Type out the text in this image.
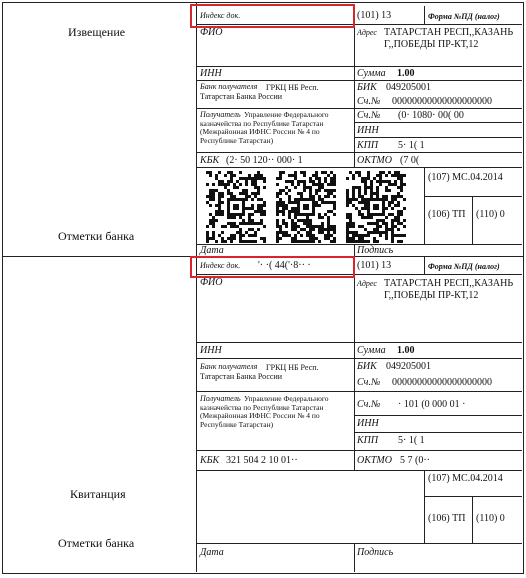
Извещение
Отметки банка
Индекс док.	(101) 13	Форма №ПД (налог)
ФИО	Адрес ТАТАРСТАН РЕСП,,КАЗАНЬ Г,,ПОБЕДЫ ПР-КТ,12
ИНН	Сумма 1.00
Банк получателя	ГРКЦ НБ Респ. Татарстан Банка России
БИК 049205001
Сч.№ 00000000000000000000
Получатель Управление Федерального казначейства по Республике Татарстан (Межрайонная ИФНС России № 4 по Республике Татарстан)
Сч.№ (0· 1080· 00( 00
ИНН
КПП 5· 1( 1
КБК (2· 50 120·· 000· 1	ОКТМО (7 0(
(107) МС.04.2014
(106) ТП (110) 0
Дата	Подпись
Квитанция
Отметки банка
Индекс док. '· ·( 44('·8·· ·	(101) 13	Форма №ПД (налог)
ФИО	Адрес ТАТАРСТАН РЕСП,,КАЗАНЬ Г,,ПОБЕДЫ ПР-КТ,12
ИНН	Сумма 1.00
Банк получателя	ГРКЦ НБ Респ. Татарстан Банка России
БИК 049205001
Сч.№ 00000000000000000000
Получатель Управление Федерального казначейства по Республике Татарстан (Межрайонная ИФНС России № 4 по Республике Татарстан)
Сч.№ · 101 (0 000 01 ·
ИНН
КПП 5· 1( 1
КБК 321 504 2 10 01··	ОКТМО 5 7 (0··
(107) МС.04.2014
(106) ТП (110) 0
Дата	Подпись
